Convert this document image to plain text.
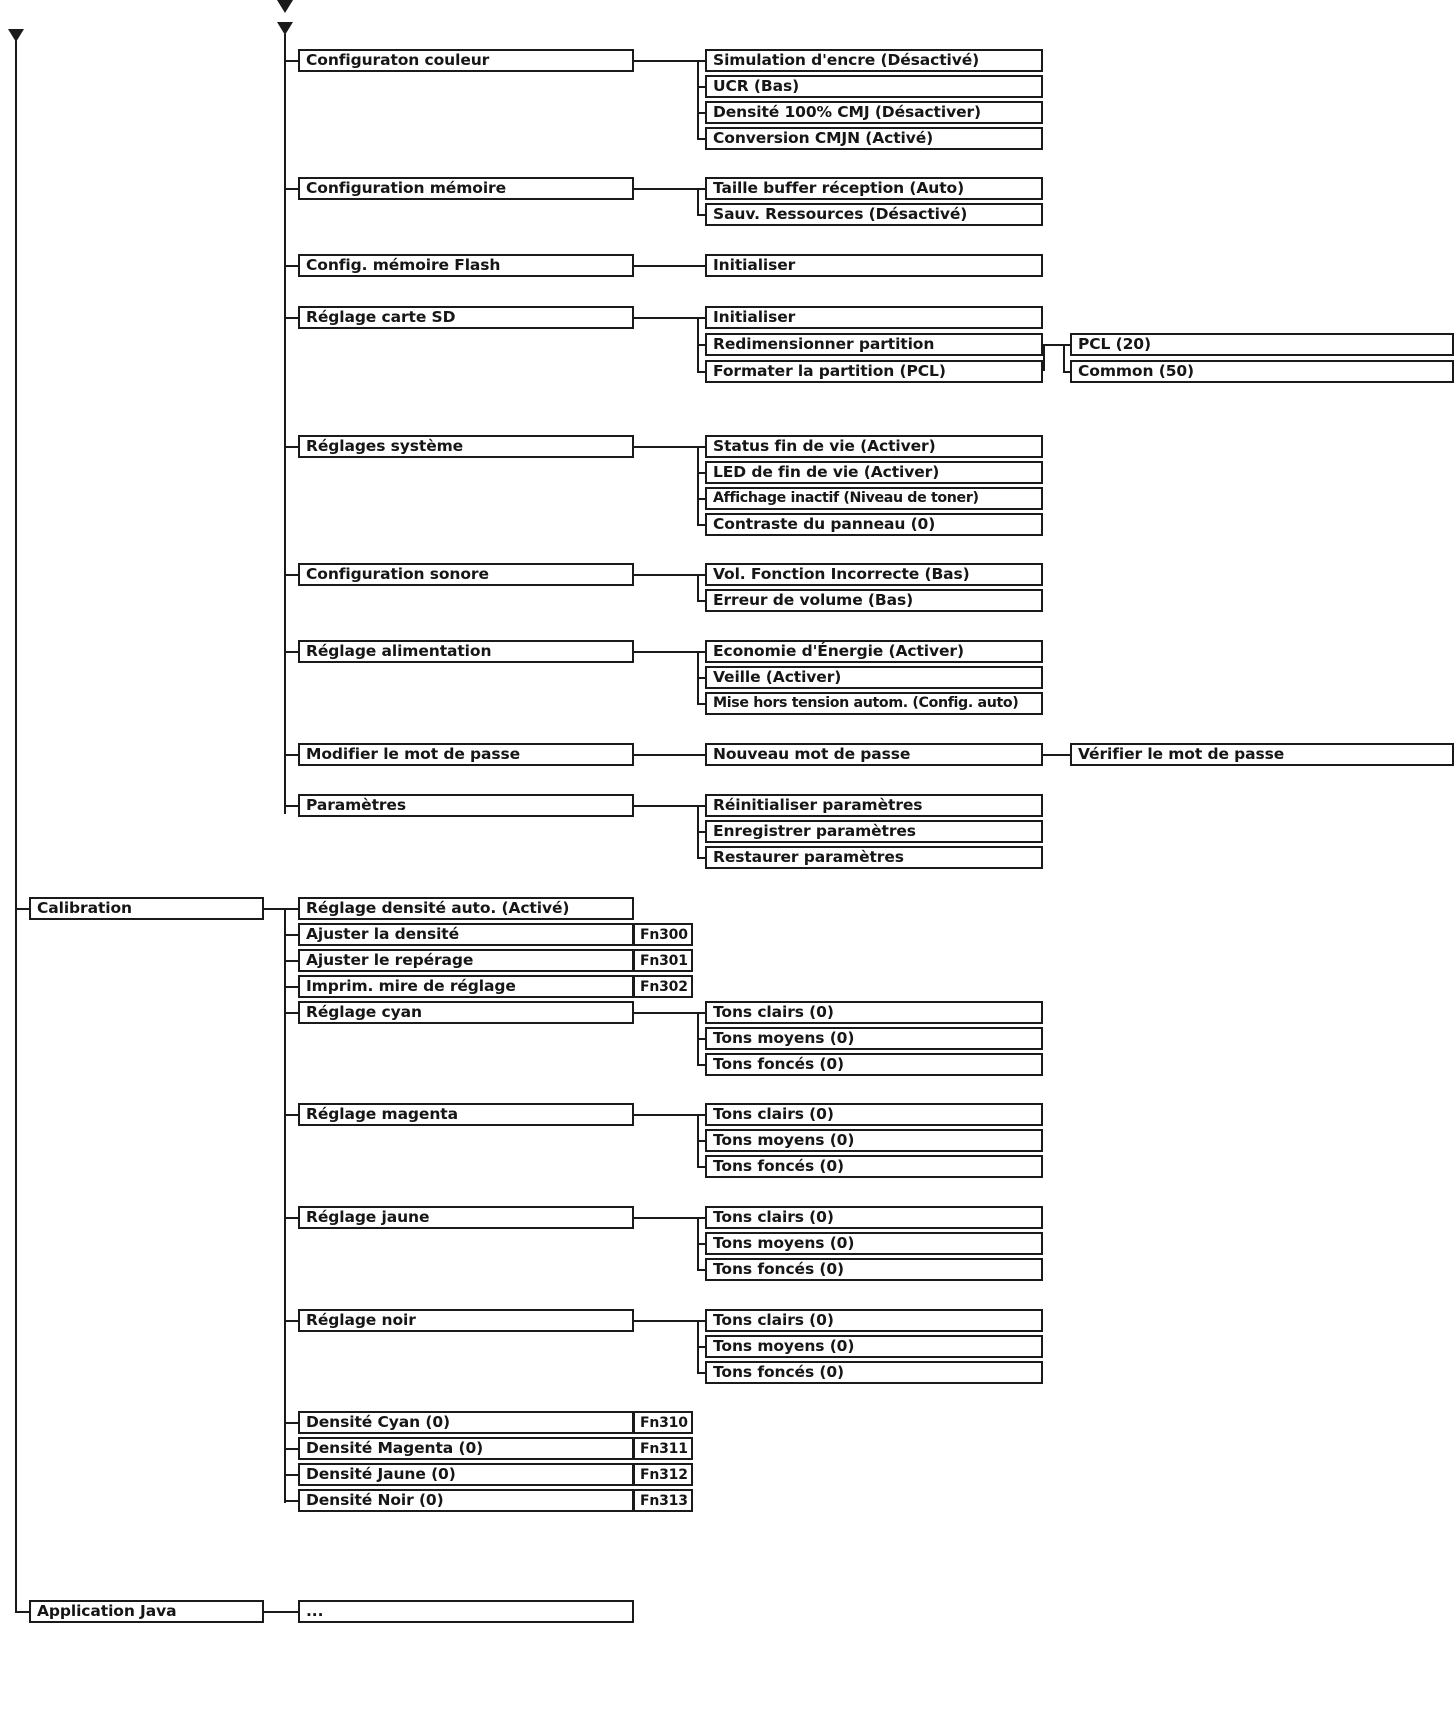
Configuraton couleur	Simulation d'encre (Désactivé)
UCR (Bas)
Densité 100% CMJ (Désactiver)
Conversion CMJN (Activé)
Configuration mémoire	Taille buffer réception (Auto)
Sauv. Ressources (Désactivé)
Config. mémoire Flash	Initialiser
Réglage carte SD	Initialiser
Redimensionner partition
Formater la partition (PCL)
PCL (20)
Common (50)
Réglages système	Status fin de vie (Activer)
LED de fin de vie (Activer)
Affichage inactif (Niveau de toner)
Contraste du panneau (0)
Configuration sonore	Vol. Fonction Incorrecte (Bas)
Erreur de volume (Bas)
Réglage alimentation	Economie d'Énergie (Activer)
Veille (Activer)
Mise hors tension autom. (Config. auto)
Modifier le mot de passe	Nouveau mot de passe	Vérifier le mot de passe
Paramètres	Réinitialiser paramètres
Enregistrer paramètres
Restaurer paramètres
Calibration	Réglage densité auto. (Activé)
Ajuster la densité	Fn300
Ajuster le repérage	Fn301
Imprim. mire de réglage	Fn302
Réglage cyan	Tons clairs (0)
Tons moyens (0)
Tons foncés (0)
Réglage magenta	Tons clairs (0)
Tons moyens (0)
Tons foncés (0)
Réglage jaune	Tons clairs (0)
Tons moyens (0)
Tons foncés (0)
Réglage noir	Tons clairs (0)
Tons moyens (0)
Tons foncés (0)
Densité Cyan (0)	Fn310
Densité Magenta (0)	Fn311
Densité Jaune (0)	Fn312
Densité Noir (0)	Fn313
Application Java	...
